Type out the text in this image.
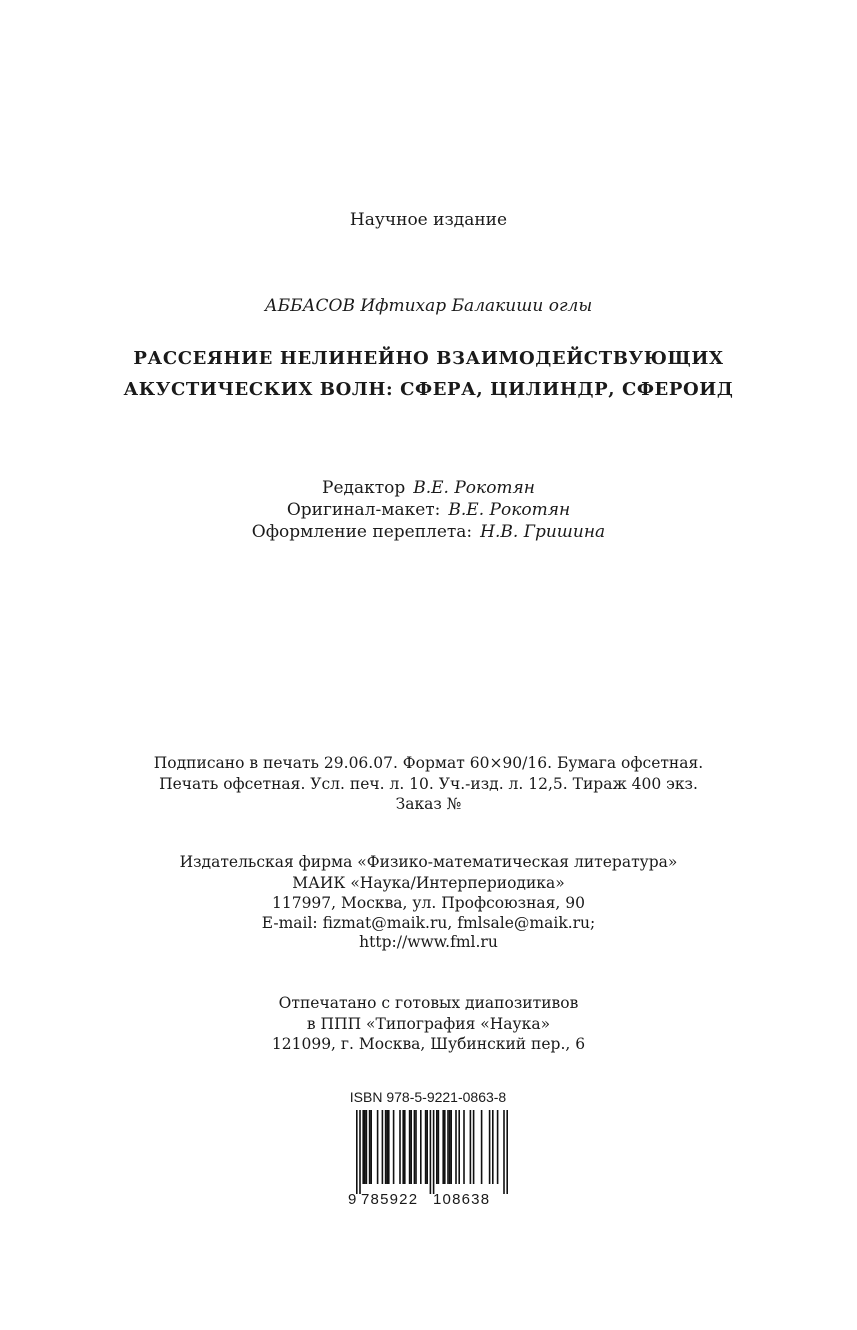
Научное издание
АББАСОВ Ифтихар Балакиши оглы
РАССЕЯНИЕ НЕЛИНЕЙНО ВЗАИМОДЕЙСТВУЮЩИХ
АКУСТИЧЕСКИХ ВОЛН: СФЕРА, ЦИЛИНДР, СФЕРОИД
Редактор В.Е. Рокотян
Оригинал-макет: В.Е. Рокотян
Оформление переплета: Н.В. Гришина
Подписано в печать 29.06.07. Формат 60×90/16. Бумага офсетная.
Печать офсетная. Усл. печ. л. 10. Уч.-изд. л. 12,5. Тираж 400 экз.
Заказ №
Издательская фирма «Физико-математическая литература»
МАИК «Наука/Интерпериодика»
117997, Москва, ул. Профсоюзная, 90
E-mail: fizmat@maik.ru, fmlsale@maik.ru;
http://www.fml.ru
Отпечатано с готовых диапозитивов
в ППП «Типография «Наука»
121099, г. Москва, Шубинский пер., 6
ISBN 978-5-9221-0863-8
9 785922 108638
